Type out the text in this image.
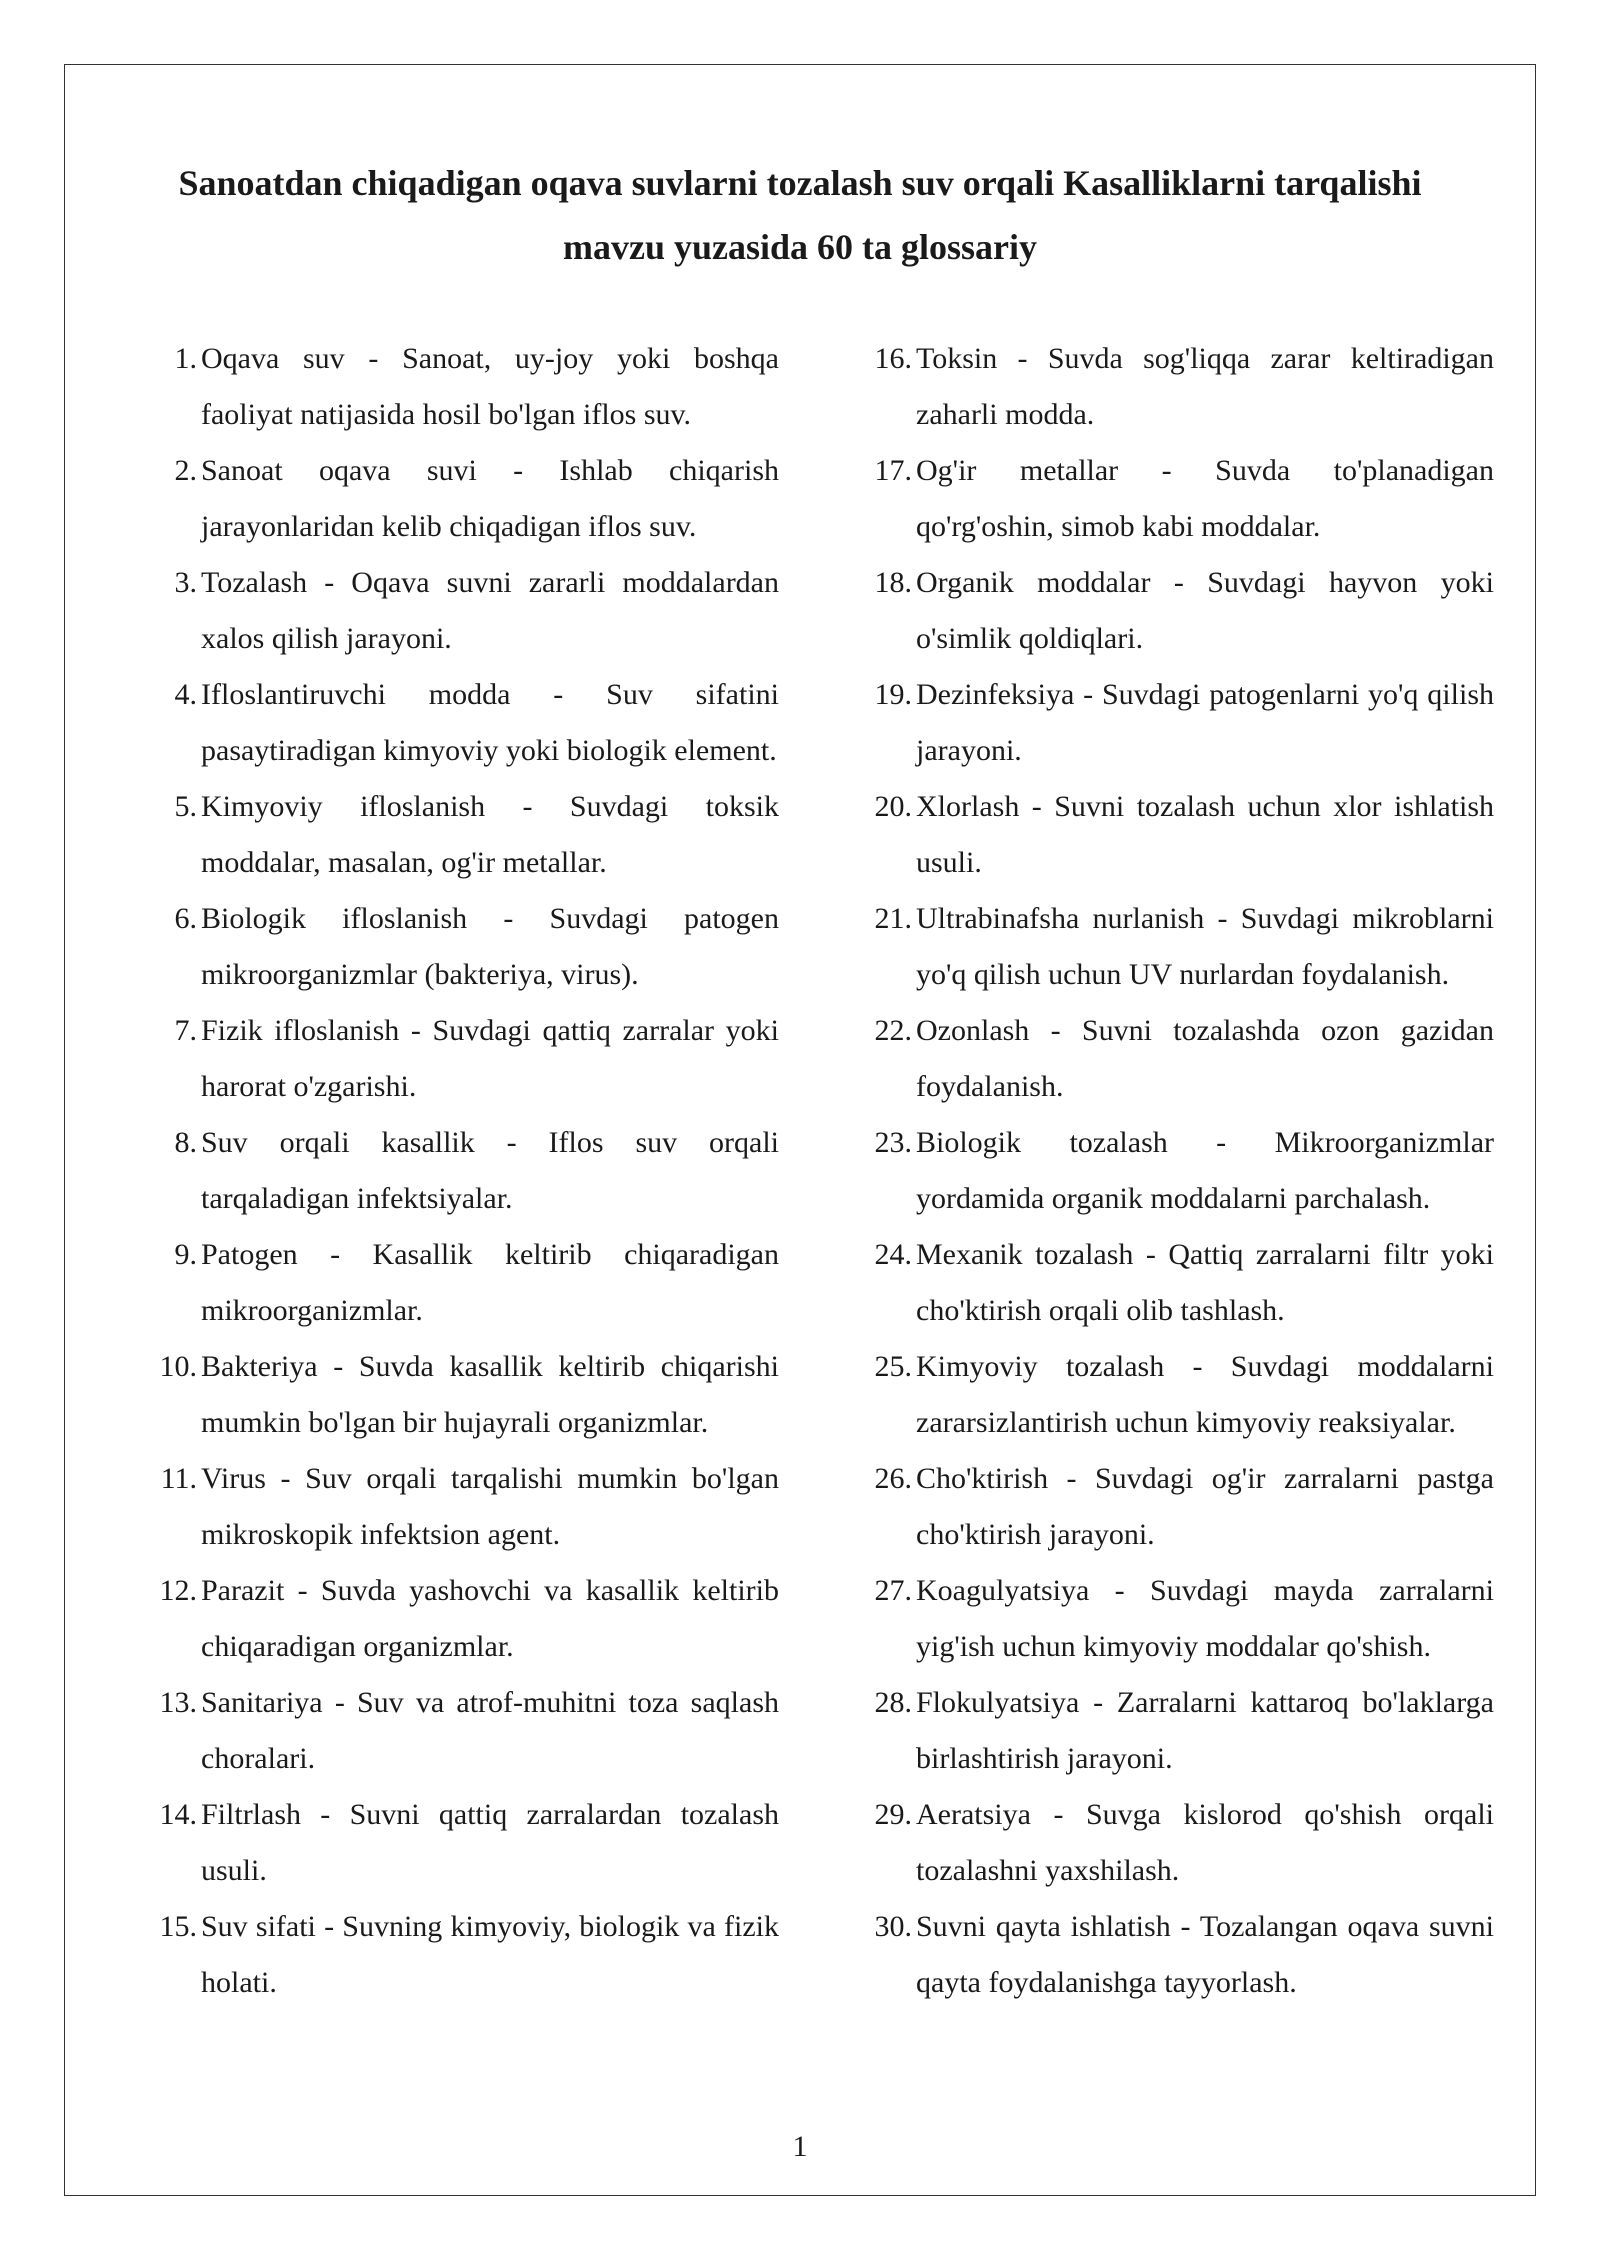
Sanoatdan chiqadigan oqava suvlarni tozalash suv orqali Kasalliklarni tarqalishi
mavzu yuzasida 60 ta glossariy
1. Oqava suv - Sanoat, uy-joy yoki boshqa faoliyat natijasida hosil bo'lgan iflos suv.
2. Sanoat oqava suvi - Ishlab chiqarish jarayonlaridan kelib chiqadigan iflos suv.
3. Tozalash - Oqava suvni zararli moddalardan xalos qilish jarayoni.
4. Ifloslantiruvchi modda - Suv sifatini pasaytiradigan kimyoviy yoki biologik element.
5. Kimyoviy ifloslanish - Suvdagi toksik moddalar, masalan, og'ir metallar.
6. Biologik ifloslanish - Suvdagi patogen mikroorganizmlar (bakteriya, virus).
7. Fizik ifloslanish - Suvdagi qattiq zarralar yoki harorat o'zgarishi.
8. Suv orqali kasallik - Iflos suv orqali tarqaladigan infektsiyalar.
9. Patogen - Kasallik keltirib chiqaradigan mikroorganizmlar.
10. Bakteriya - Suvda kasallik keltirib chiqarishi mumkin bo'lgan bir hujayrali organizmlar.
11. Virus - Suv orqali tarqalishi mumkin bo'lgan mikroskopik infektsion agent.
12. Parazit - Suvda yashovchi va kasallik keltirib chiqaradigan organizmlar.
13. Sanitariya - Suv va atrof-muhitni toza saqlash choralari.
14. Filtrlash - Suvni qattiq zarralardan tozalash usuli.
15. Suv sifati - Suvning kimyoviy, biologik va fizik holati.
16. Toksin - Suvda sog'liqqa zarar keltiradigan zaharli modda.
17. Og'ir metallar - Suvda to'planadigan qo'rg'oshin, simob kabi moddalar.
18. Organik moddalar - Suvdagi hayvon yoki o'simlik qoldiqlari.
19. Dezinfeksiya - Suvdagi patogenlarni yo'q qilish jarayoni.
20. Xlorlash - Suvni tozalash uchun xlor ishlatish usuli.
21. Ultrabinafsha nurlanish - Suvdagi mikroblarni yo'q qilish uchun UV nurlardan foydalanish.
22. Ozonlash - Suvni tozalashda ozon gazidan foydalanish.
23. Biologik tozalash - Mikroorganizmlar yordamida organik moddalarni parchalash.
24. Mexanik tozalash - Qattiq zarralarni filtr yoki cho'ktirish orqali olib tashlash.
25. Kimyoviy tozalash - Suvdagi moddalarni zararsizlantirish uchun kimyoviy reaksiyalar.
26. Cho'ktirish - Suvdagi og'ir zarralarni pastga cho'ktirish jarayoni.
27. Koagulyatsiya - Suvdagi mayda zarralarni yig'ish uchun kimyoviy moddalar qo'shish.
28. Flokulyatsiya - Zarralarni kattaroq bo'laklarga birlashtirish jarayoni.
29. Aeratsiya - Suvga kislorod qo'shish orqali tozalashni yaxshilash.
30. Suvni qayta ishlatish - Tozalangan oqava suvni qayta foydalanishga tayyorlash.
1
